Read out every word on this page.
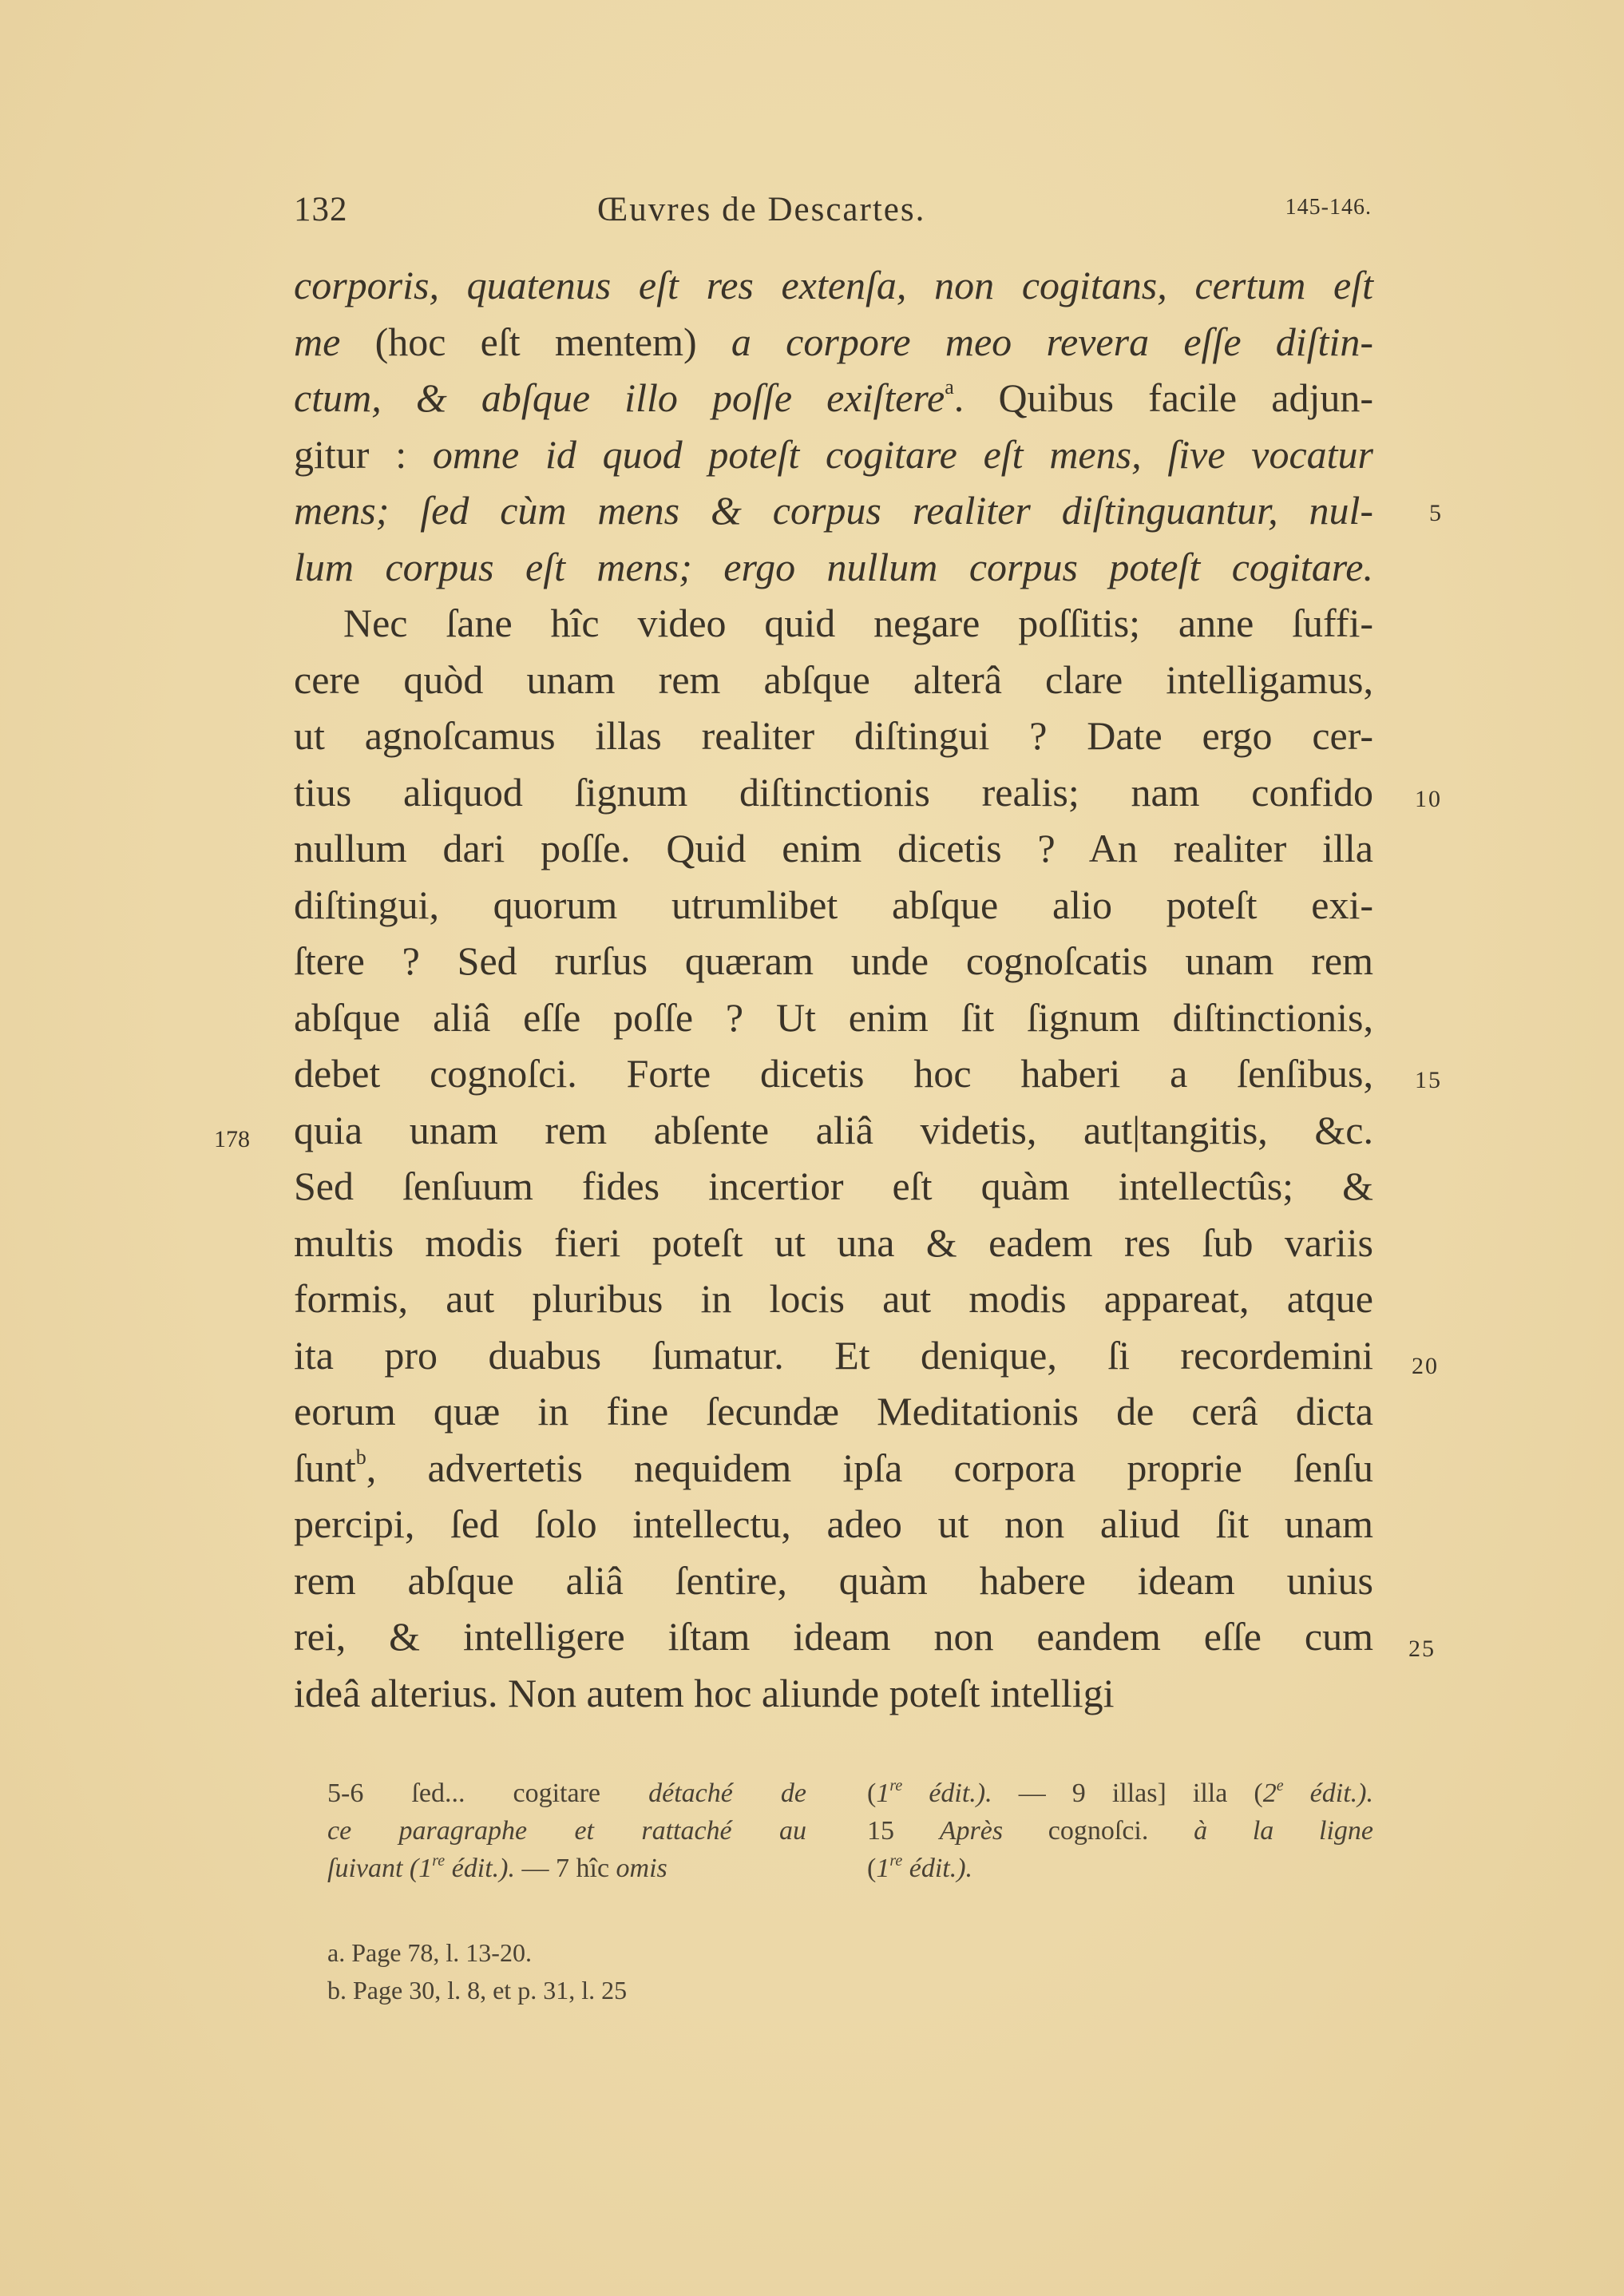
132	Œuvres de Descartes.	145-146.
corporis, quatenus eſt res extenſa, non cogitans, certum eſt
me (hoc eſt mentem) a corpore meo revera eſſe diſtin-
ctum, & abſque illo poſſe exiſtere$^a$. Quibus facile adjun-
gitur : omne id quod poteſt cogitare eſt mens, ſive vocatur
mens; ſed cùm mens & corpus realiter diſtinguantur, nul-
lum corpus eſt mens; ergo nullum corpus poteſt cogitare.
Nec ſane hîc video quid negare poſſitis; anne ſuffi-
cere quòd unam rem abſque alterâ clare intelligamus,
ut agnoſcamus illas realiter diſtingui ? Date ergo cer-
tius aliquod ſignum diſtinctionis realis; nam confido
nullum dari poſſe. Quid enim dicetis ? An realiter illa
diſtingui, quorum utrumlibet abſque alio poteſt exi-
ſtere ? Sed rurſus quæram unde cognoſcatis unam rem
abſque aliâ eſſe poſſe ? Ut enim ſit ſignum diſtinctionis,
debet cognoſci. Forte dicetis hoc haberi a ſenſibus,
quia unam rem abſente aliâ videtis, aut|tangitis, &c.
Sed ſenſuum fides incertior eſt quàm intellectûs; &
multis modis fieri poteſt ut una & eadem res ſub variis
formis, aut pluribus in locis aut modis appareat, atque
ita pro duabus ſumatur. Et denique, ſi recordemini
eorum quæ in fine ſecundæ Meditationis de cerâ dicta
ſunt$^b$, advertetis nequidem ipſa corpora proprie ſenſu
percipi, ſed ſolo intellectu, adeo ut non aliud ſit unam
rem abſque aliâ ſentire, quàm habere ideam unius
rei, & intelligere iſtam ideam non eandem eſſe cum
ideâ alterius. Non autem hoc aliunde poteſt intelligi
5
10
15
20
25
178
5-6 ſed... cogitare détaché de
ce paragraphe et rattaché au
ſuivant (1re édit.). — 7 hîc omis
(1re édit.). — 9 illas] illa (2e édit.).
15 Après cognoſci. à la ligne
(1re édit.).
a. Page 78, l. 13-20.
b. Page 30, l. 8, et p. 31, l. 25
